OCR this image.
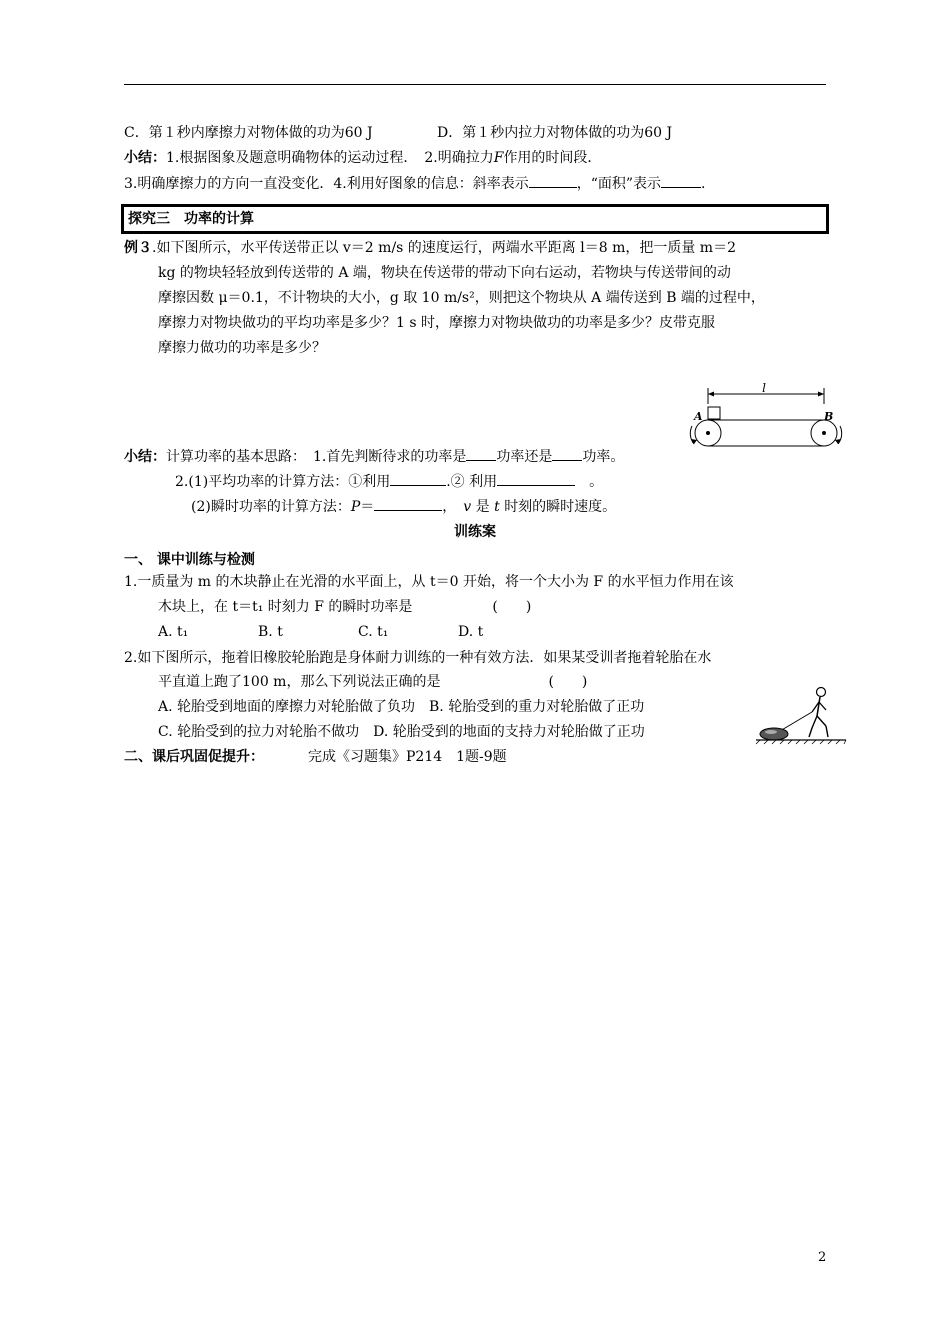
C．第１秒内摩擦力对物体做的功为60 J	D．第１秒内拉力对物体做的功为60 J
小结：1.根据图象及题意明确物体的运动过程．　 2.明确拉力F作用的时间段．
3.明确摩擦力的方向一直没变化．4.利用好图象的信息：斜率表示	，“面积”表示	.
探究三　功率的计算
例３.如下图所示，水平传送带正以 v＝2 m/s 的速度运行，两端水平距离 l＝8 m，把一质量 m＝2
kg 的物块轻轻放到传送带的 A 端，物块在传送带的带动下向右运动，若物块与传送带间的动
摩擦因数 μ＝0.1，不计物块的大小，g 取 10 m/s²，则把这个物块从 A 端传送到 B 端的过程中，
摩擦力对物块做功的平均功率是多少？1 s 时，摩擦力对物块做功的功率是多少？皮带克服
摩擦力做功的功率是多少？
l
A	B
小结：计算功率的基本思路：　1.首先判断待求的功率是 功率还是 功率。
2.(1)平均功率的计算方法：①利用	.② 利用　	。
(2)瞬时功率的计算方法：P＝	，　 v 是 t 时刻的瞬时速度。
训练案
一、 课中训练与检测
1.一质量为 m 的木块静止在光滑的水平面上，从 t＝0 开始，将一个大小为 F 的水平恒力作用在该
木块上，在 t＝t₁ 时刻力 F 的瞬时功率是	(　　)
A. t₁	B. t	C. t₁	D. t
2.如下图所示，拖着旧橡胶轮胎跑是身体耐力训练的一种有效方法．如果某受训者拖着轮胎在水
平直道上跑了100 m，那么下列说法正确的是	(　　)
A. 轮胎受到地面的摩擦力对轮胎做了负功　 B. 轮胎受到的重力对轮胎做了正功
C. 轮胎受到的拉力对轮胎不做功　 D. 轮胎受到的地面的支持力对轮胎做了正功
二、课后巩固促提升：	完成《习题集》P214　1题-9题
2
